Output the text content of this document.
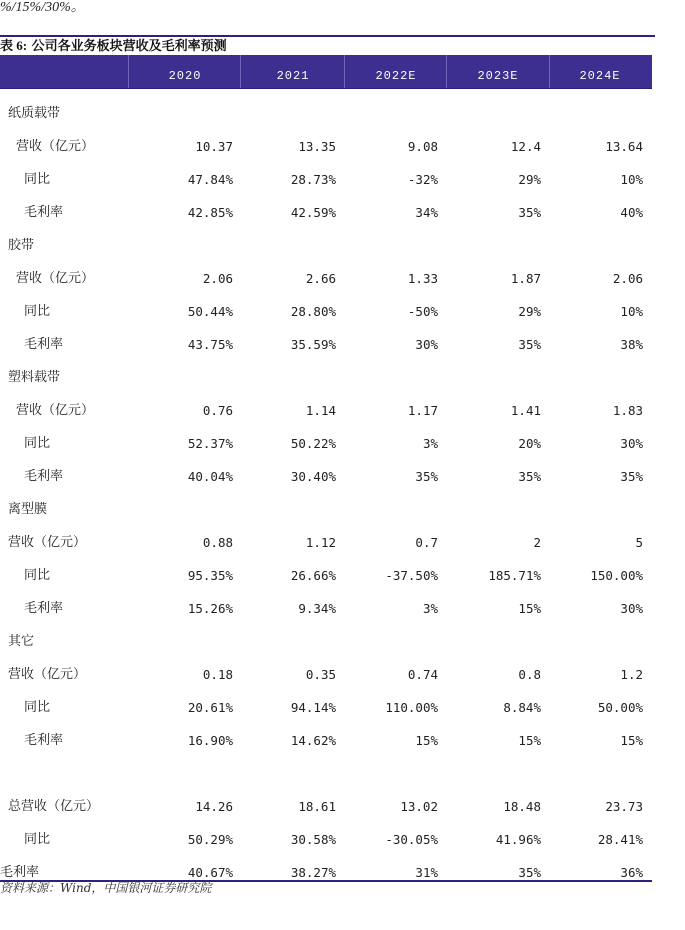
%/15%/30%。
表 6: 公司各业务板块营收及毛利率预测
2020	2021	2022E	2023E	2024E
纸质载带
营收（亿元）	10.37	13.35	9.08	12.4	13.64
同比	47.84%	28.73%	-32%	29%	10%
毛利率	42.85%	42.59%	34%	35%	40%
胶带
营收（亿元）	2.06	2.66	1.33	1.87	2.06
同比	50.44%	28.80%	-50%	29%	10%
毛利率	43.75%	35.59%	30%	35%	38%
塑料载带
营收（亿元）	0.76	1.14	1.17	1.41	1.83
同比	52.37%	50.22%	3%	20%	30%
毛利率	40.04%	30.40%	35%	35%	35%
离型膜
营收（亿元）	0.88	1.12	0.7	2	5
同比	95.35%	26.66%	-37.50%	185.71%	150.00%
毛利率	15.26%	9.34%	3%	15%	30%
其它
营收（亿元）	0.18	0.35	0.74	0.8	1.2
同比	20.61%	94.14%	110.00%	8.84%	50.00%
毛利率	16.90%	14.62%	15%	15%	15%
总营收（亿元）	14.26	18.61	13.02	18.48	23.73
同比	50.29%	30.58%	-30.05%	41.96%	28.41%
毛利率	40.67%	38.27%	31%	35%	36%
资料来源：Wind，中国银河证券研究院
